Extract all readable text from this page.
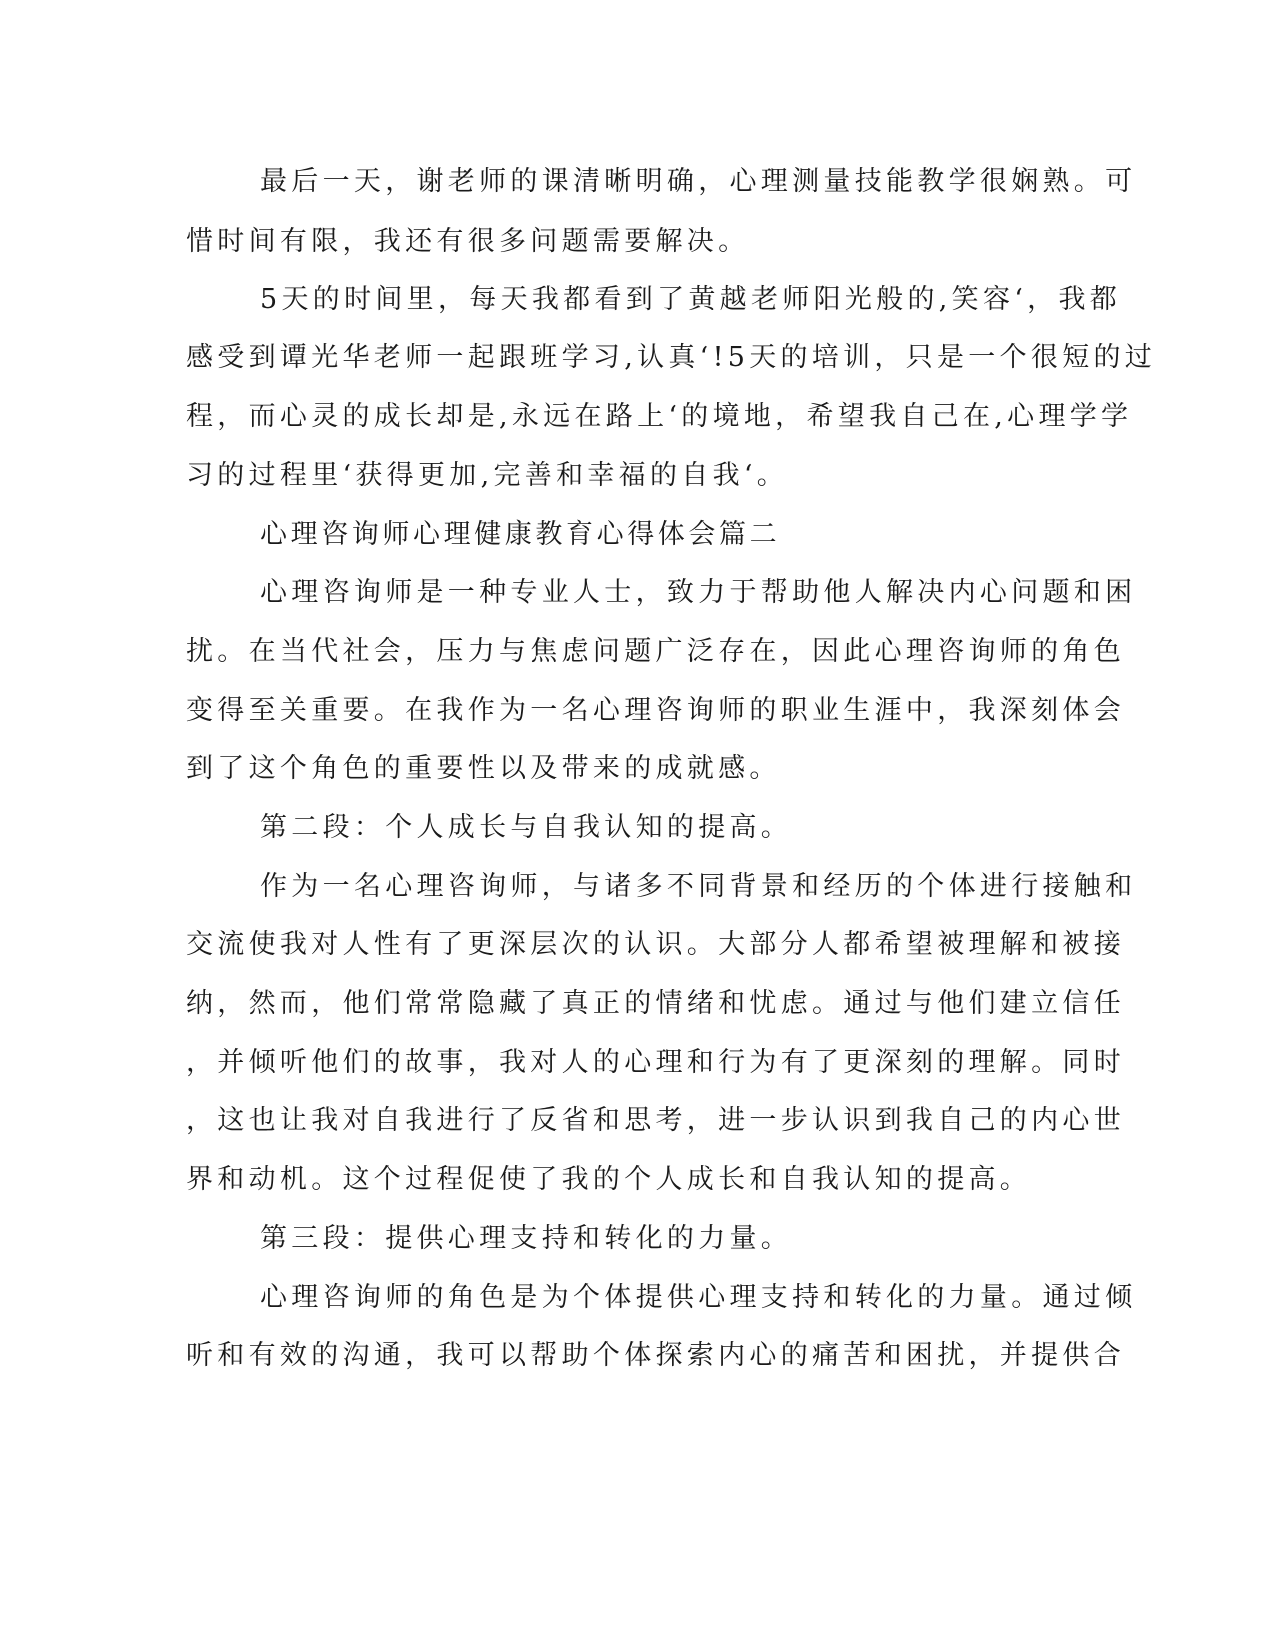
最后一天，谢老师的课清晰明确，心理测量技能教学很娴熟。可

惜时间有限，我还有很多问题需要解决。

5天的时间里，每天我都看到了黄越老师阳光般的,笑容‘，我都

感受到谭光华老师一起跟班学习,认真‘!5天的培训，只是一个很短的过

程，而心灵的成长却是,永远在路上‘的境地，希望我自己在,心理学学

习的过程里‘获得更加,完善和幸福的自我‘。

心理咨询师心理健康教育心得体会篇二

心理咨询师是一种专业人士，致力于帮助他人解决内心问题和困

扰。在当代社会，压力与焦虑问题广泛存在，因此心理咨询师的角色

变得至关重要。在我作为一名心理咨询师的职业生涯中，我深刻体会

到了这个角色的重要性以及带来的成就感。

第二段：个人成长与自我认知的提高。

作为一名心理咨询师，与诸多不同背景和经历的个体进行接触和

交流使我对人性有了更深层次的认识。大部分人都希望被理解和被接

纳，然而，他们常常隐藏了真正的情绪和忧虑。通过与他们建立信任

，并倾听他们的故事，我对人的心理和行为有了更深刻的理解。同时

，这也让我对自我进行了反省和思考，进一步认识到我自己的内心世

界和动机。这个过程促使了我的个人成长和自我认知的提高。

第三段：提供心理支持和转化的力量。

心理咨询师的角色是为个体提供心理支持和转化的力量。通过倾

听和有效的沟通，我可以帮助个体探索内心的痛苦和困扰，并提供合
